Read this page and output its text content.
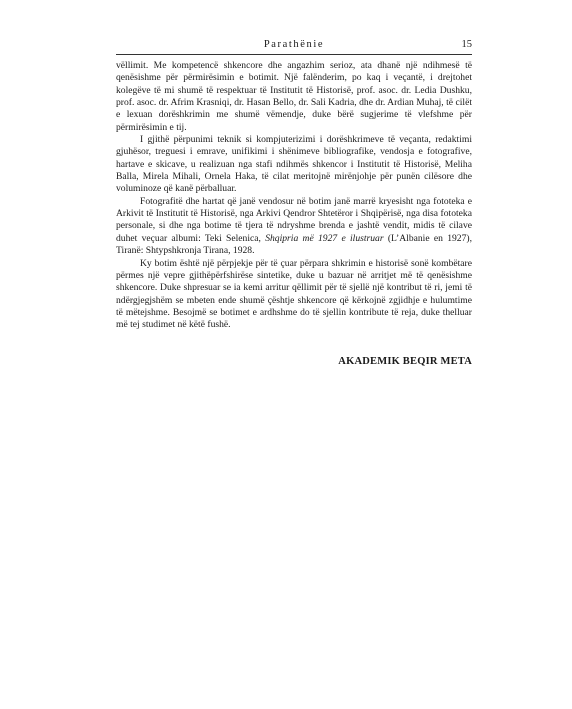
Parathënie	15

vëllimit. Me kompetencë shkencore dhe angazhim serioz, ata dhanë një ndihmesë të qenësishme për përmirësimin e botimit. Një falënderim, po kaq i veçantë, i drejtohet kolegëve të mi shumë të respektuar të Institutit të Historisë, prof. asoc. dr. Ledia Dushku, prof. asoc. dr. Afrim Krasniqi, dr. Hasan Bello, dr. Sali Kadria, dhe dr. Ardian Muhaj, të cilët e lexuan dorëshkrimin me shumë vëmendje, duke bërë sugjerime të vlefshme për përmirësimin e tij.

I gjithë përpunimi teknik si kompjuterizimi i dorëshkrimeve të veçanta, redaktimi gjuhësor, treguesi i emrave, unifikimi i shënimeve bibliografike, vendosja e fotografive, hartave e skicave, u realizuan nga stafi ndihmës shkencor i Institutit të Historisë, Meliha Balla, Mirela Mihali, Ornela Haka, të cilat meritojnë mirënjohje për punën cilësore dhe voluminoze që kanë përballuar.

Fotografitë dhe hartat që janë vendosur në botim janë marrë kryesisht nga fototeka e Arkivit të Institutit të Historisë, nga Arkivi Qendror Shtetëror i Shqipërisë, nga disa fototeka personale, si dhe nga botime të tjera të ndryshme brenda e jashtë vendit, midis të cilave duhet veçuar albumi: Teki Selenica, Shqipria më 1927 e ilustruar (L’Albanie en 1927), Tiranë: Shtypshkronja Tirana, 1928.

Ky botim është një përpjekje për të çuar përpara shkrimin e historisë sonë kombëtare përmes një vepre gjithëpërfshirëse sintetike, duke u bazuar në arritjet më të qenësishme shkencore. Duke shpresuar se ia kemi arritur qëllimit për të sjellë një kontribut të ri, jemi të ndërgjegjshëm se mbeten ende shumë çështje shkencore që kërkojnë zgjidhje e hulumtime të mëtejshme. Besojmë se botimet e ardhshme do të sjellin kontribute të reja, duke thelluar më tej studimet në këtë fushë.

AKADEMIK BEQIR META
